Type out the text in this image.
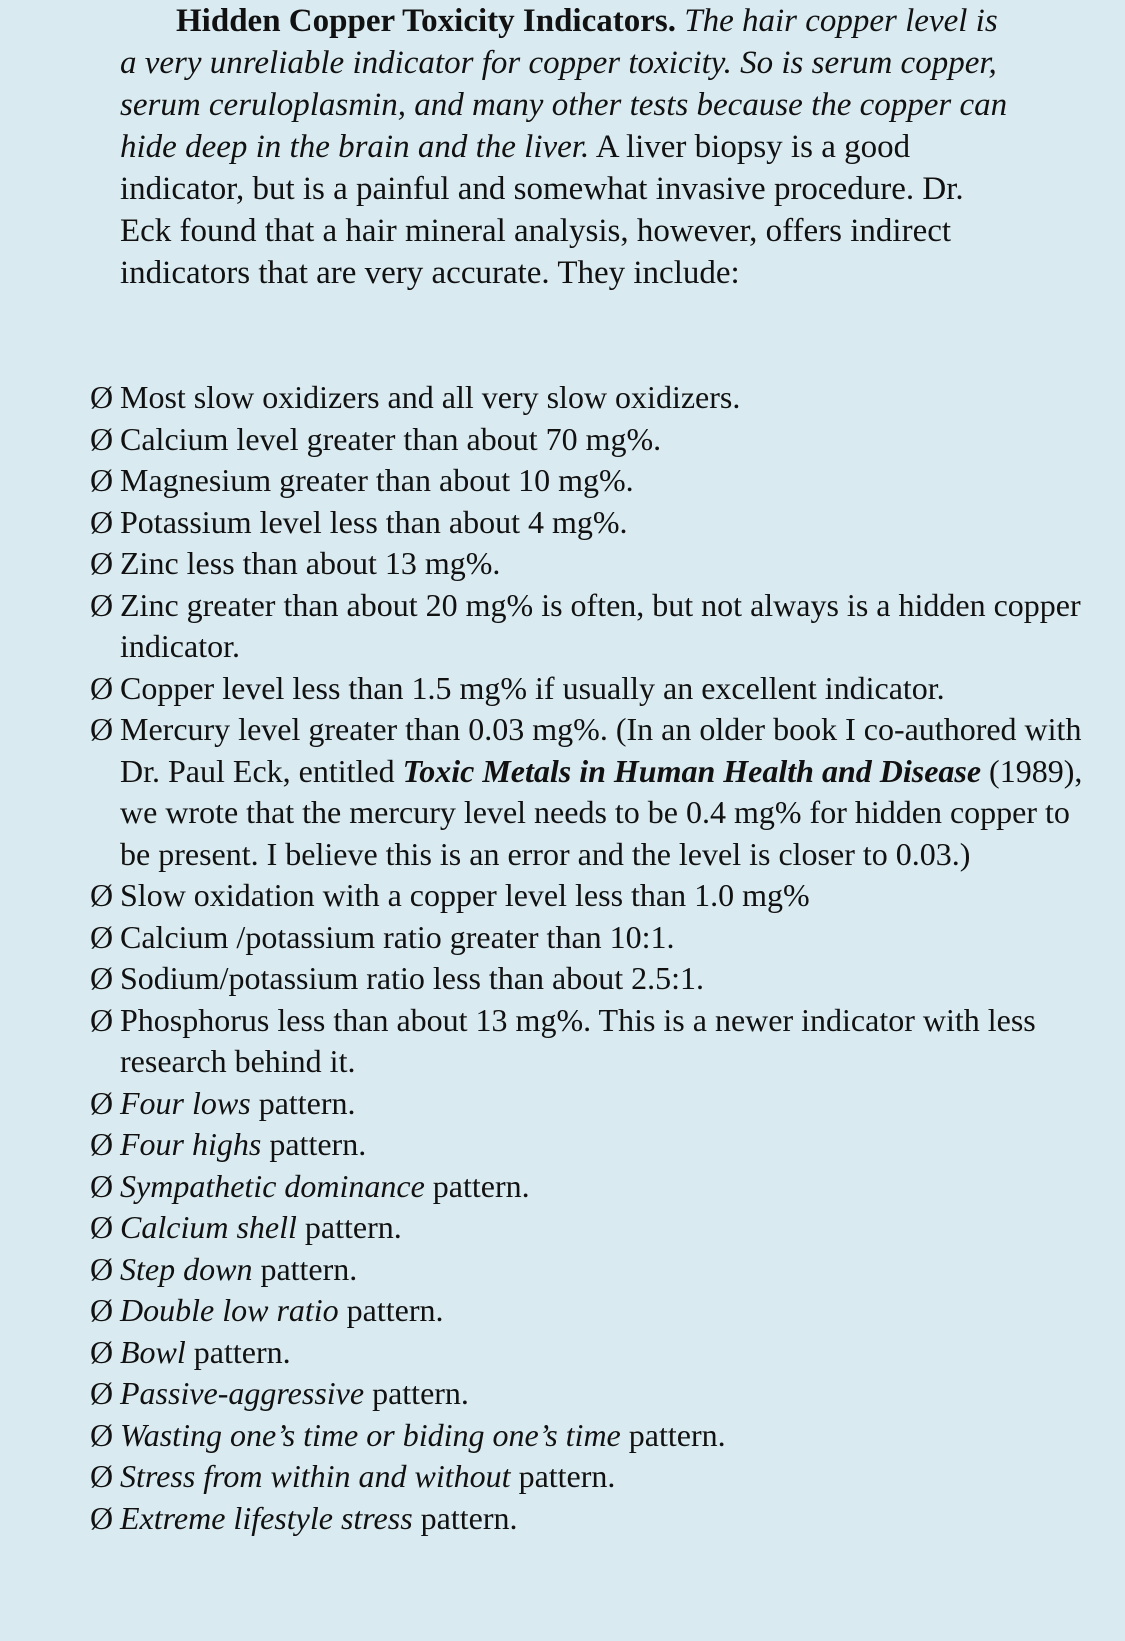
Hidden Copper Toxicity Indicators. The hair copper level is a very unreliable indicator for copper toxicity. So is serum copper, serum ceruloplasmin, and many other tests because the copper can hide deep in the brain and the liver. A liver biopsy is a good indicator, but is a painful and somewhat invasive procedure. Dr. Eck found that a hair mineral analysis, however, offers indirect indicators that are very accurate. They include:

Ø Most slow oxidizers and all very slow oxidizers.
Ø Calcium level greater than about 70 mg%.
Ø Magnesium greater than about 10 mg%.
Ø Potassium level less than about 4 mg%.
Ø Zinc less than about 13 mg%.
Ø Zinc greater than about 20 mg% is often, but not always is a hidden copper indicator.
Ø Copper level less than 1.5 mg% if usually an excellent indicator.
Ø Mercury level greater than 0.03 mg%. (In an older book I co-authored with Dr. Paul Eck, entitled Toxic Metals in Human Health and Disease (1989), we wrote that the mercury level needs to be 0.4 mg% for hidden copper to be present. I believe this is an error and the level is closer to 0.03.)
Ø Slow oxidation with a copper level less than 1.0 mg%
Ø Calcium /potassium ratio greater than 10:1.
Ø Sodium/potassium ratio less than about 2.5:1.
Ø Phosphorus less than about 13 mg%. This is a newer indicator with less research behind it.
Ø Four lows pattern.
Ø Four highs pattern.
Ø Sympathetic dominance pattern.
Ø Calcium shell pattern.
Ø Step down pattern.
Ø Double low ratio pattern.
Ø Bowl pattern.
Ø Passive-aggressive pattern.
Ø Wasting one’s time or biding one’s time pattern.
Ø Stress from within and without pattern.
Ø Extreme lifestyle stress pattern.
